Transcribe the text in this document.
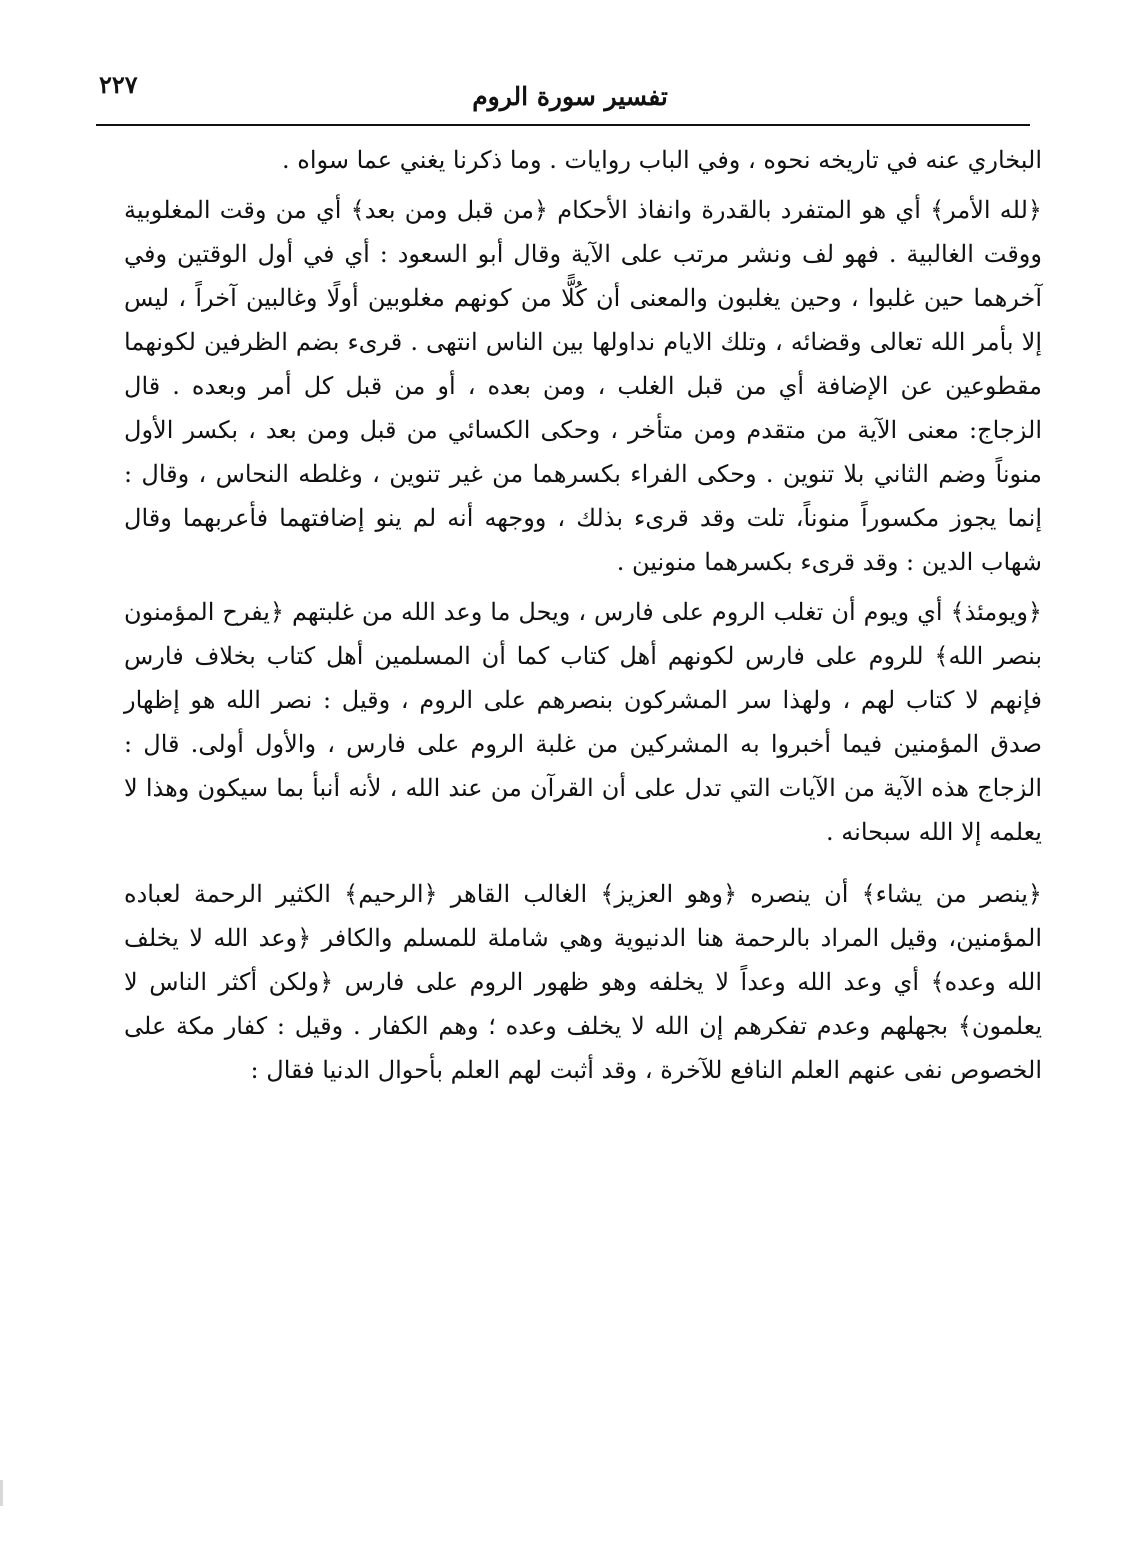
٢٢٧	تفسير سورة الروم

البخاري عنه في تاريخه نحوه ، وفي الباب روايات . وما ذكرنا يغني عما سواه .

﴿لله الأمر﴾ أي هو المتفرد بالقدرة وانفاذ الأحكام ﴿من قبل ومن بعد﴾ أي من وقت المغلوبية ووقت الغالبية . فهو لف ونشر مرتب على الآية وقال أبو السعود : أي في أول الوقتين وفي آخرهما حين غلبوا ، وحين يغلبون والمعنى أن كُلًّا من كونهم مغلوبين أولًا وغالبين آخراً ، ليس إلا بأمر الله تعالى وقضائه ، وتلك الايام نداولها بين الناس انتهى . قرىء بضم الظرفين لكونهما مقطوعين عن الإضافة أي من قبل الغلب ، ومن بعده ، أو من قبل كل أمر وبعده . قال الزجاج: معنى الآية من متقدم ومن متأخر ، وحكى الكسائي من قبل ومن بعد ، بكسر الأول منوناً وضم الثاني بلا تنوين . وحكى الفراء بكسرهما من غير تنوين ، وغلطه النحاس ، وقال : إنما يجوز مكسوراً منوناً، تلت وقد قرىء بذلك ، ووجهه أنه لم ينو إضافتهما فأعربهما وقال شهاب الدين : وقد قرىء بكسرهما منونين .

﴿ويومئذ﴾ أي ويوم أن تغلب الروم على فارس ، ويحل ما وعد الله من غلبتهم ﴿يفرح المؤمنون بنصر الله﴾ للروم على فارس لكونهم أهل كتاب كما أن المسلمين أهل كتاب بخلاف فارس فإنهم لا كتاب لهم ، ولهذا سر المشركون بنصرهم على الروم ، وقيل : نصر الله هو إظهار صدق المؤمنين فيما أخبروا به المشركين من غلبة الروم على فارس ، والأول أولى. قال : الزجاج هذه الآية من الآيات التي تدل على أن القرآن من عند الله ، لأنه أنبأ بما سيكون وهذا لا يعلمه إلا الله سبحانه .

﴿ينصر من يشاء﴾ أن ينصره ﴿وهو العزيز﴾ الغالب القاهر ﴿الرحيم﴾ الكثير الرحمة لعباده المؤمنين، وقيل المراد بالرحمة هنا الدنيوية وهي شاملة للمسلم والكافر ﴿وعد الله لا يخلف الله وعده﴾ أي وعد الله وعداً لا يخلفه وهو ظهور الروم على فارس ﴿ولكن أكثر الناس لا يعلمون﴾ بجهلهم وعدم تفكرهم إن الله لا يخلف وعده ؛ وهم الكفار . وقيل : كفار مكة على الخصوص نفى عنهم العلم النافع للآخرة ، وقد أثبت لهم العلم بأحوال الدنيا فقال :
